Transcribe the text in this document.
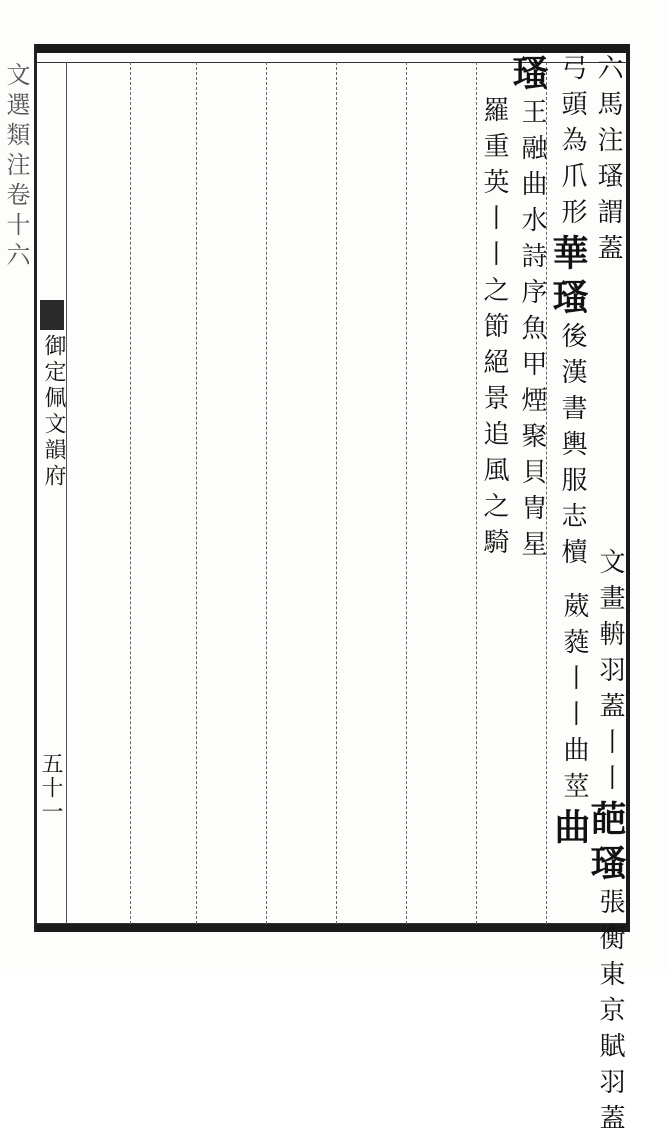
文選類注卷十六
御定佩文韻府
五十一
六馬注瑵謂蓋
弓頭為爪形
華
瑵
後漢書輿服志櫝
文畫輈羽蓋丨丨
葩
瑵
張衡東京賦羽蓋
葳蕤丨丨曲莖
曲
瑵
王融曲水詩序魚甲煙聚貝冑星
羅重英丨丨之節絕景追風之騎
